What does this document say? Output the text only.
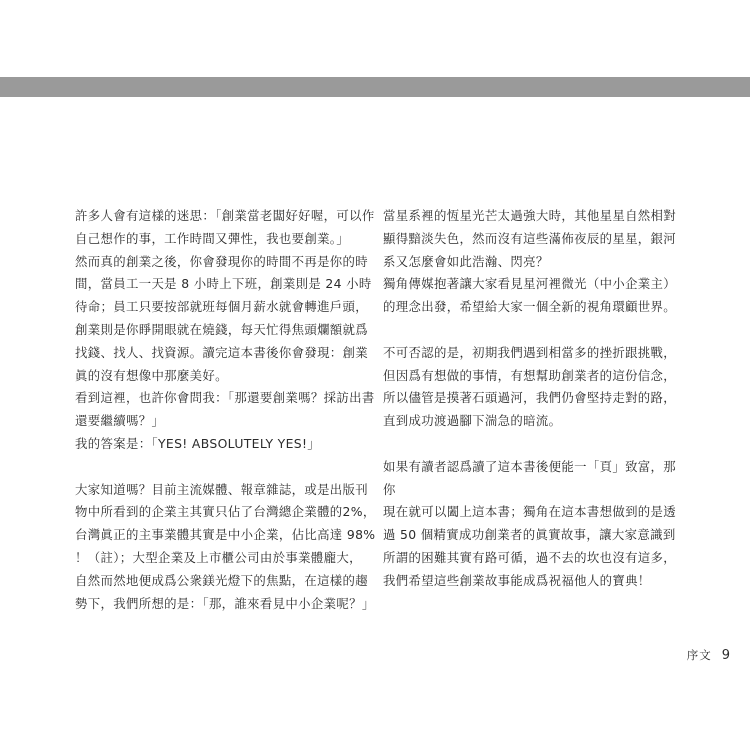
許多人會有這樣的迷思：「創業當老闆好好喔，可以作
自己想作的事，工作時間又彈性，我也要創業。」

然而真的創業之後，你會發現你的時間不再是你的時
間，當員工一天是 8 小時上下班，創業則是 24 小時
待命；員工只要按部就班每個月薪水就會轉進戶頭，
創業則是你睜開眼就在燒錢，每天忙得焦頭爛額就爲
找錢、找人、找資源。讀完這本書後你會發現：創業
眞的沒有想像中那麼美好。

看到這裡，也許你會問我：「那還要創業嗎？採訪出書
還要繼續嗎？」

我的答案是：「YES! ABSOLUTELY YES!」

大家知道嗎？目前主流媒體、報章雜誌，或是出版刊
物中所看到的企業主其實只佔了台灣總企業體的2%，
台灣眞正的主事業體其實是中小企業，佔比高達 98%
！（註）；大型企業及上市櫃公司由於事業體龐大，
自然而然地便成爲公衆鎂光燈下的焦點，在這樣的趨
勢下，我們所想的是：「那，誰來看見中小企業呢？」

當星系裡的恆星光芒太過強大時，其他星星自然相對
顯得黯淡失色，然而沒有這些滿佈夜辰的星星，銀河
系又怎麼會如此浩瀚、閃亮？

獨角傳媒抱著讓大家看見星河裡微光（中小企業主）
的理念出發，希望給大家一個全新的視角環顧世界。

不可否認的是，初期我們遇到相當多的挫折跟挑戰，
但因爲有想做的事情，有想幫助創業者的這份信念，
所以儘管是摸著石頭過河，我們仍會堅持走對的路，
直到成功渡過腳下湍急的暗流。

如果有讀者認爲讀了這本書後便能一「頁」致富，那你
現在就可以闔上這本書；獨角在這本書想做到的是透
過 50 個精實成功創業者的眞實故事，讓大家意識到
所謂的困難其實有路可循，過不去的坎也沒有這多，
我們希望這些創業故事能成爲祝福他人的寶典！

序文 9
